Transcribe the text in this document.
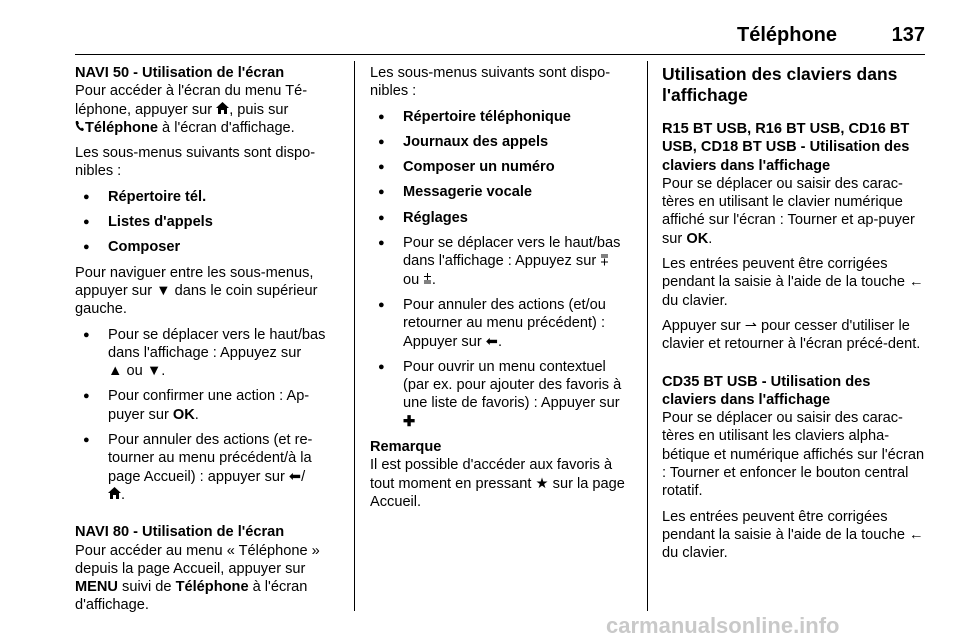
Téléphone	137
NAVI 50 - Utilisation de l'écran

Pour accéder à l'écran du menu Té-léphone, appuyer sur , puis sur
Téléphone à l'écran d'affichage.

Les sous-menus suivants sont dispo-nibles :

● Répertoire tél.
● Listes d'appels
● Composer

Pour naviguer entre les sous-menus, appuyer sur ▼ dans le coin supérieur gauche.

● Pour se déplacer vers le haut/bas dans l'affichage : Appuyez sur
▲ ou ▼.
● Pour confirmer une action : Ap-puyer sur OK.
● Pour annuler des actions (et re-tourner au menu précédent/à la page Accueil) : appuyer sur ⬅/
.
NAVI 80 - Utilisation de l'écran

Pour accéder au menu « Téléphone » depuis la page Accueil, appuyer sur MENU suivi de Téléphone à l'écran d'affichage.

Les sous-menus suivants sont dispo-nibles :

● Répertoire téléphonique
● Journaux des appels
● Composer un numéro
● Messagerie vocale
● Réglages
● Pour se déplacer vers le haut/bas dans l'affichage : Appuyez sur ⩱
ou ⩲.
● Pour annuler des actions (et/ou retourner au menu précédent) : Appuyer sur ⬅.
● Pour ouvrir un menu contextuel (par ex. pour ajouter des favoris à une liste de favoris) : Appuyer sur ✚
Remarque

Il est possible d'accéder aux favoris à tout moment en pressant ★ sur la page Accueil.

Utilisation des claviers dans l'affichage
R15 BT USB, R16 BT USB, CD16 BT USB, CD18 BT USB - Utilisation des claviers dans l'affichage

Pour se déplacer ou saisir des carac-tères en utilisant le clavier numérique affiché sur l'écran : Tourner et ap-puyer sur OK.

Les entrées peuvent être corrigées pendant la saisie à l'aide de la touche ← du clavier.

Appuyer sur ⇀ pour cesser d'utiliser le clavier et retourner à l'écran précé-dent.

CD35 BT USB - Utilisation des claviers dans l'affichage

Pour se déplacer ou saisir des carac-tères en utilisant les claviers alpha-bétique et numérique affichés sur l'écran : Tourner et enfoncer le bouton central rotatif.

Les entrées peuvent être corrigées pendant la saisie à l'aide de la touche ← du clavier.

carmanualsonline.info
